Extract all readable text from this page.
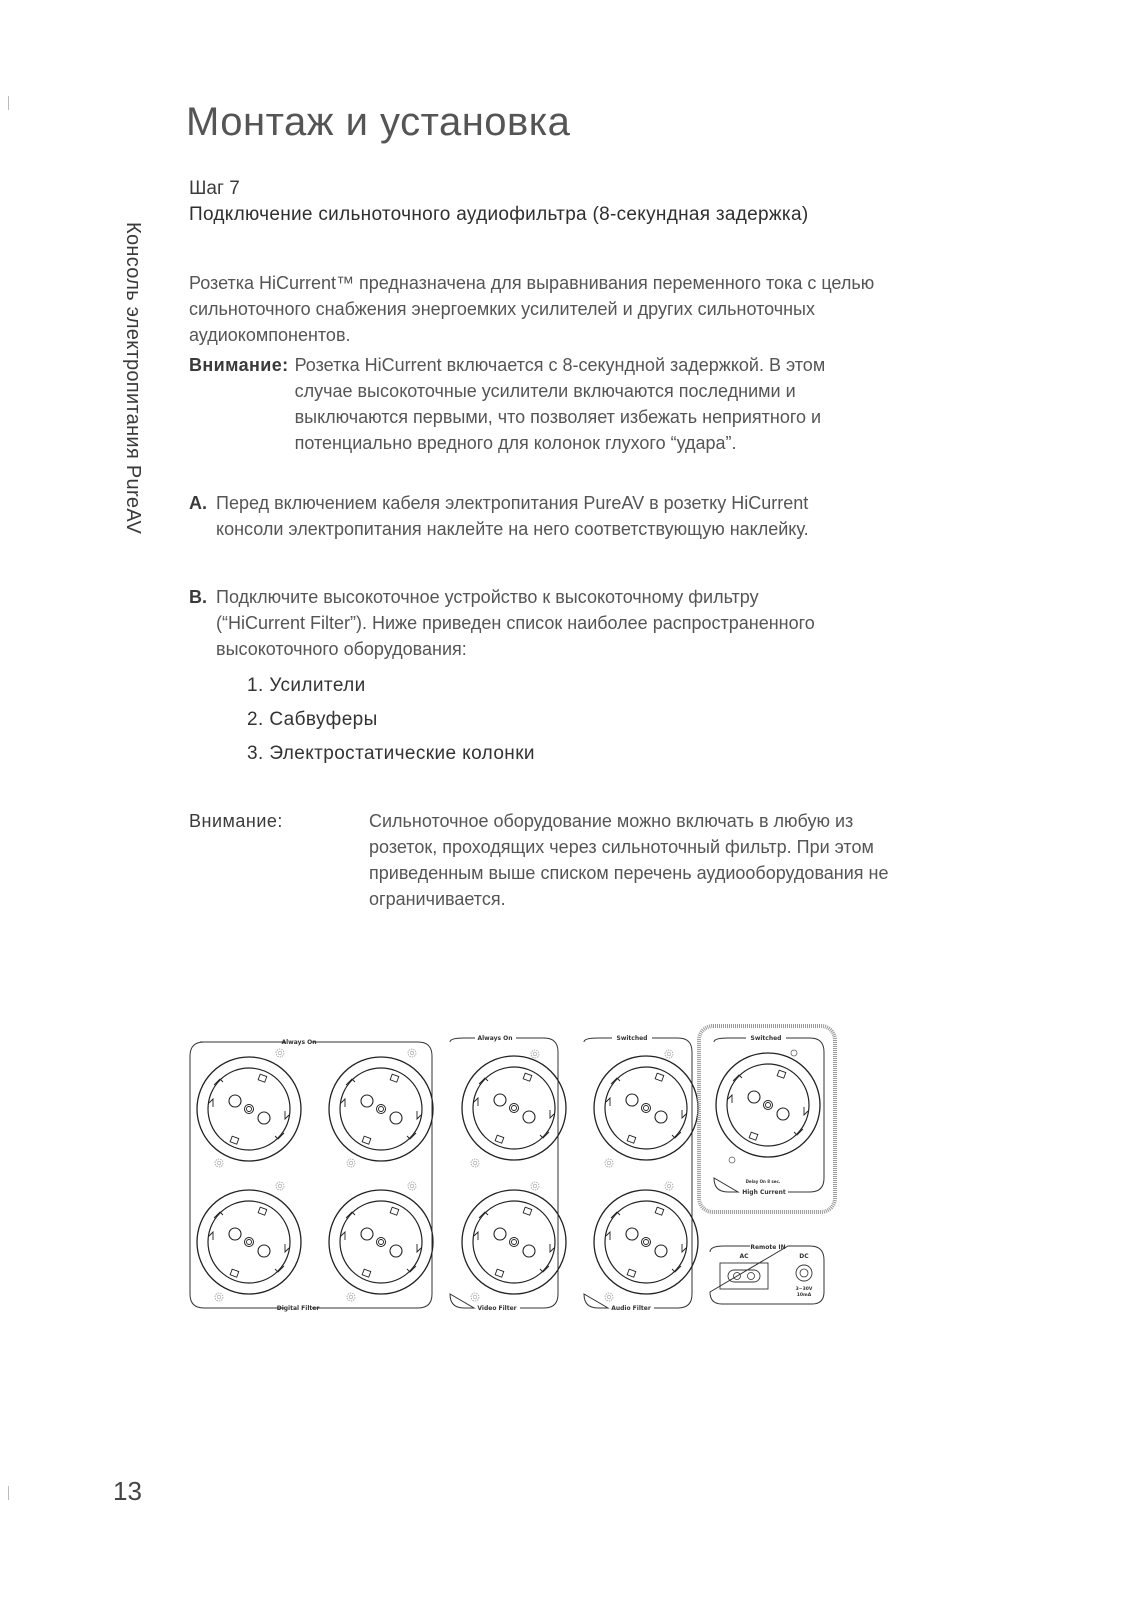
Консоль электропитания PureAV
Монтаж и установка
Шаг 7
Подключение сильноточного аудиофильтра (8-секундная задержка)
Розетка HiCurrent™ предназначена для выравнивания переменного тока с целью сильноточного снабжения энергоемких усилителей и других сильноточных аудиокомпонентов.
Внимание: Розетка HiCurrent включается с 8-секундной задержкой. В этом случае высокоточные усилители включаются последними и выключаются первыми, что позволяет избежать неприятного и потенциально вредного для колонок глухого “удара”.
A. Перед включением кабеля электропитания PureAV в розетку HiCurrent консоли электропитания наклейте на него соответствующую наклейку.
B. Подключите высокоточное устройство к высокоточному фильтру (“HiCurrent Filter”). Ниже приведен список наиболее распространенного высокоточного оборудования:
1. Усилители
2. Сабвуферы
3. Электростатические колонки
Внимание:	Сильноточное оборудование можно включать в любую из розеток, проходящих через сильноточный фильтр. При этом приведенным выше списком перечень аудиооборудования не ограничивается.
Always On
Digital Filter
Always On
Video Filter
Switched
Audio Filter
Switched
Delay On 8 sec.
High Current
Remote IN
AC	DC
3~30V
10mA
13
